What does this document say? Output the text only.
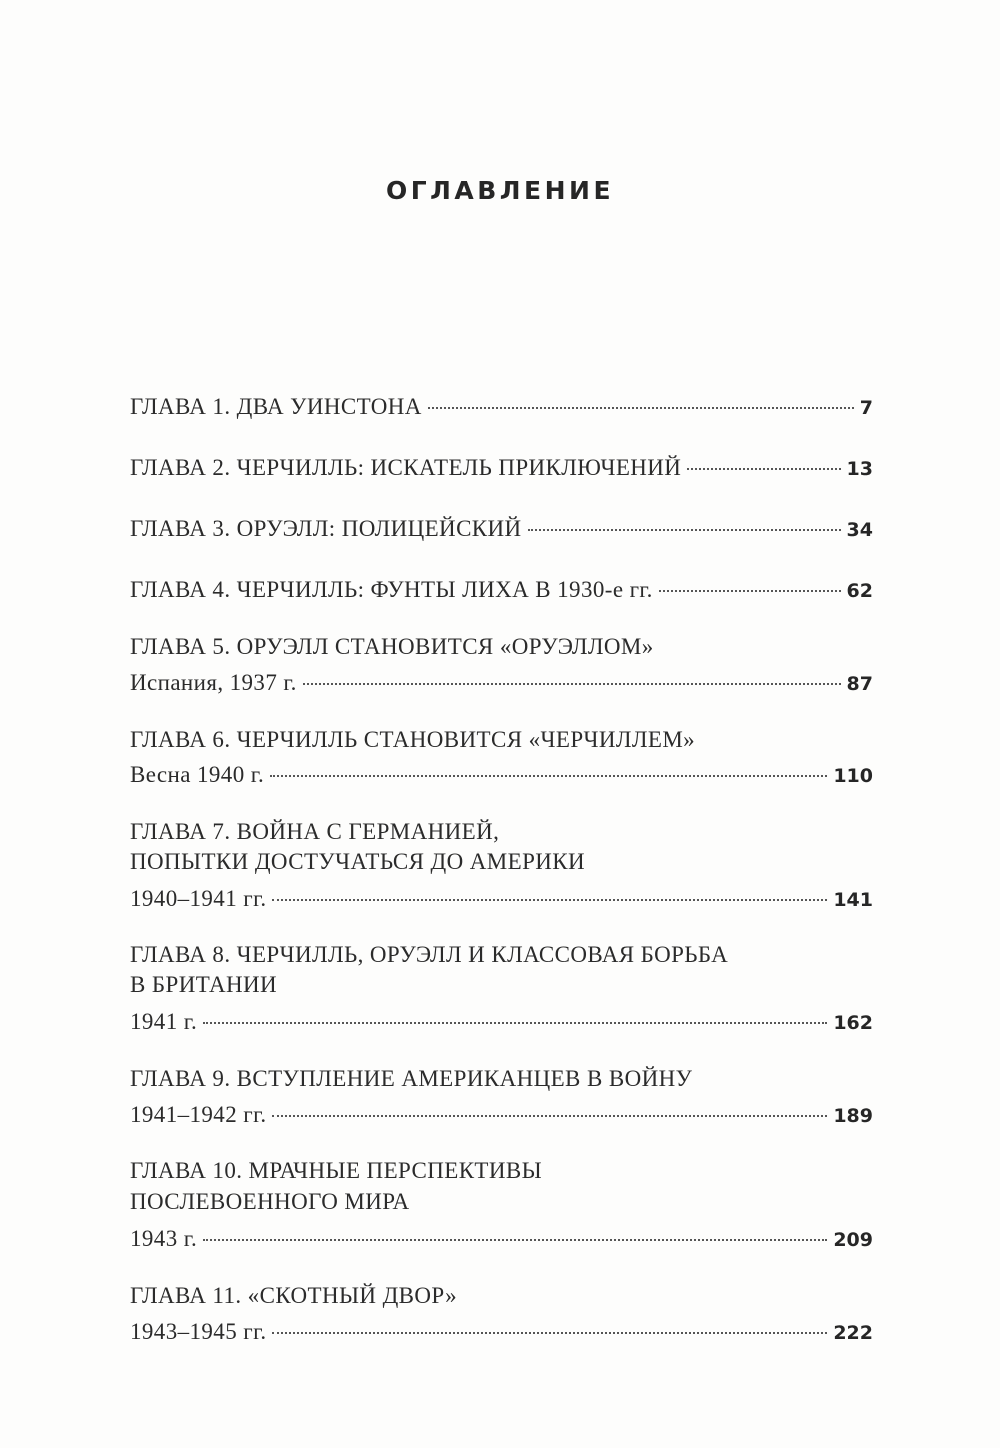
ОГЛАВЛЕНИЕ
ГЛАВА 1. ДВА УИНСТОНА	7
ГЛАВА 2. ЧЕРЧИЛЛЬ: ИСКАТЕЛЬ ПРИКЛЮЧЕНИЙ	13
ГЛАВА 3. ОРУЭЛЛ: ПОЛИЦЕЙСКИЙ	34
ГЛАВА 4. ЧЕРЧИЛЛЬ: ФУНТЫ ЛИХА В 1930-е гг.	62
ГЛАВА 5. ОРУЭЛЛ СТАНОВИТСЯ «ОРУЭЛЛОМ»
Испания, 1937 г.	87
ГЛАВА 6. ЧЕРЧИЛЛЬ СТАНОВИТСЯ «ЧЕРЧИЛЛЕМ»
Весна 1940 г.	110
ГЛАВА 7. ВОЙНА С ГЕРМАНИЕЙ,
ПОПЫТКИ ДОСТУЧАТЬСЯ ДО АМЕРИКИ
1940–1941 гг.	141
ГЛАВА 8. ЧЕРЧИЛЛЬ, ОРУЭЛЛ И КЛАССОВАЯ БОРЬБА
В БРИТАНИИ
1941 г.	162
ГЛАВА 9. ВСТУПЛЕНИЕ АМЕРИКАНЦЕВ В ВОЙНУ
1941–1942 гг.	189
ГЛАВА 10. МРАЧНЫЕ ПЕРСПЕКТИВЫ
ПОСЛЕВОЕННОГО МИРА
1943 г.	209
ГЛАВА 11. «СКОТНЫЙ ДВОР»
1943–1945 гг.	222
